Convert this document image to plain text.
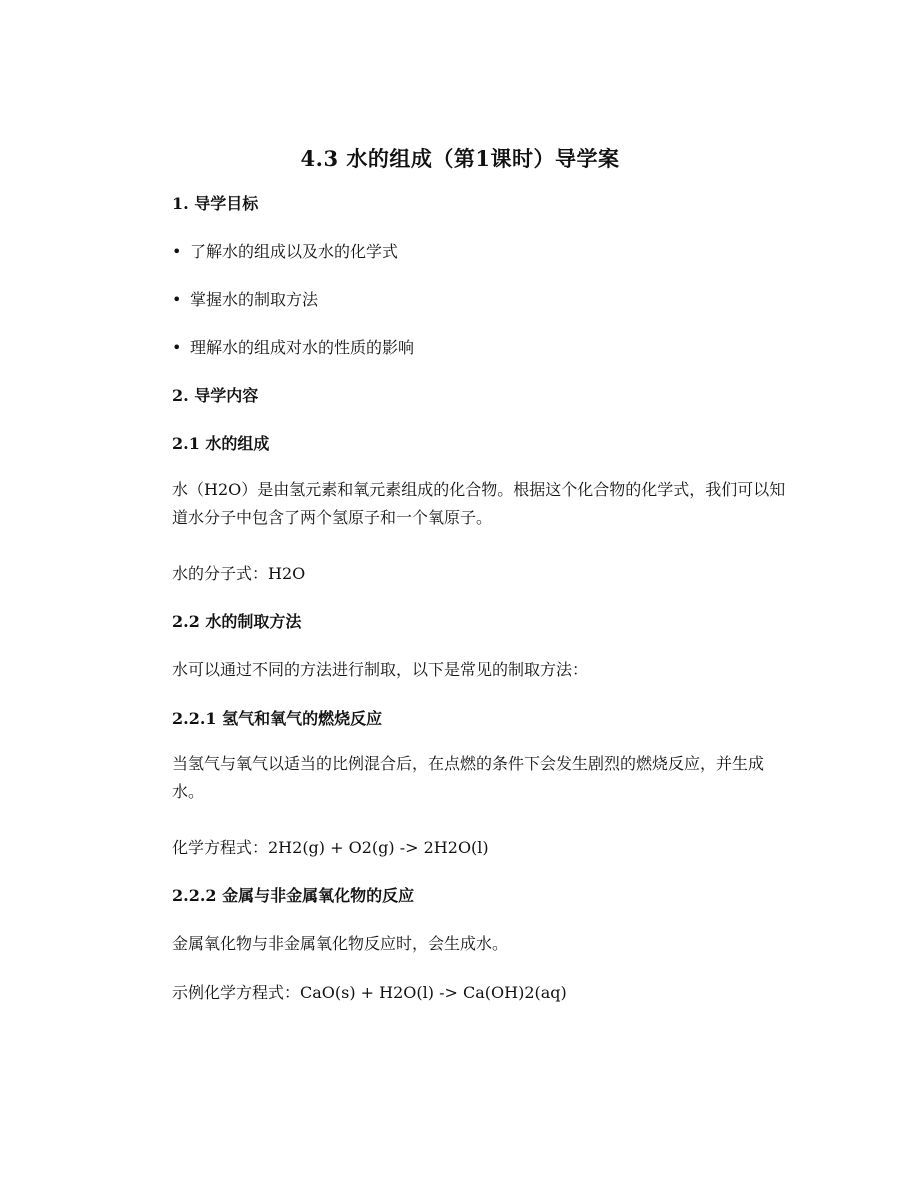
4.3 水的组成（第1课时）导学案
1. 导学目标
• 了解水的组成以及水的化学式
• 掌握水的制取方法
• 理解水的组成对水的性质的影响
2. 导学内容
2.1 水的组成
水（H2O）是由氢元素和氧元素组成的化合物。根据这个化合物的化学式，我们可以知道水分子中包含了两个氢原子和一个氧原子。
水的分子式：H2O
2.2 水的制取方法
水可以通过不同的方法进行制取，以下是常见的制取方法：
2.2.1 氢气和氧气的燃烧反应
当氢气与氧气以适当的比例混合后，在点燃的条件下会发生剧烈的燃烧反应，并生成水。
化学方程式：2H2(g) + O2(g) -> 2H2O(l)
2.2.2 金属与非金属氧化物的反应
金属氧化物与非金属氧化物反应时，会生成水。
示例化学方程式：CaO(s) + H2O(l) -> Ca(OH)2(aq)
